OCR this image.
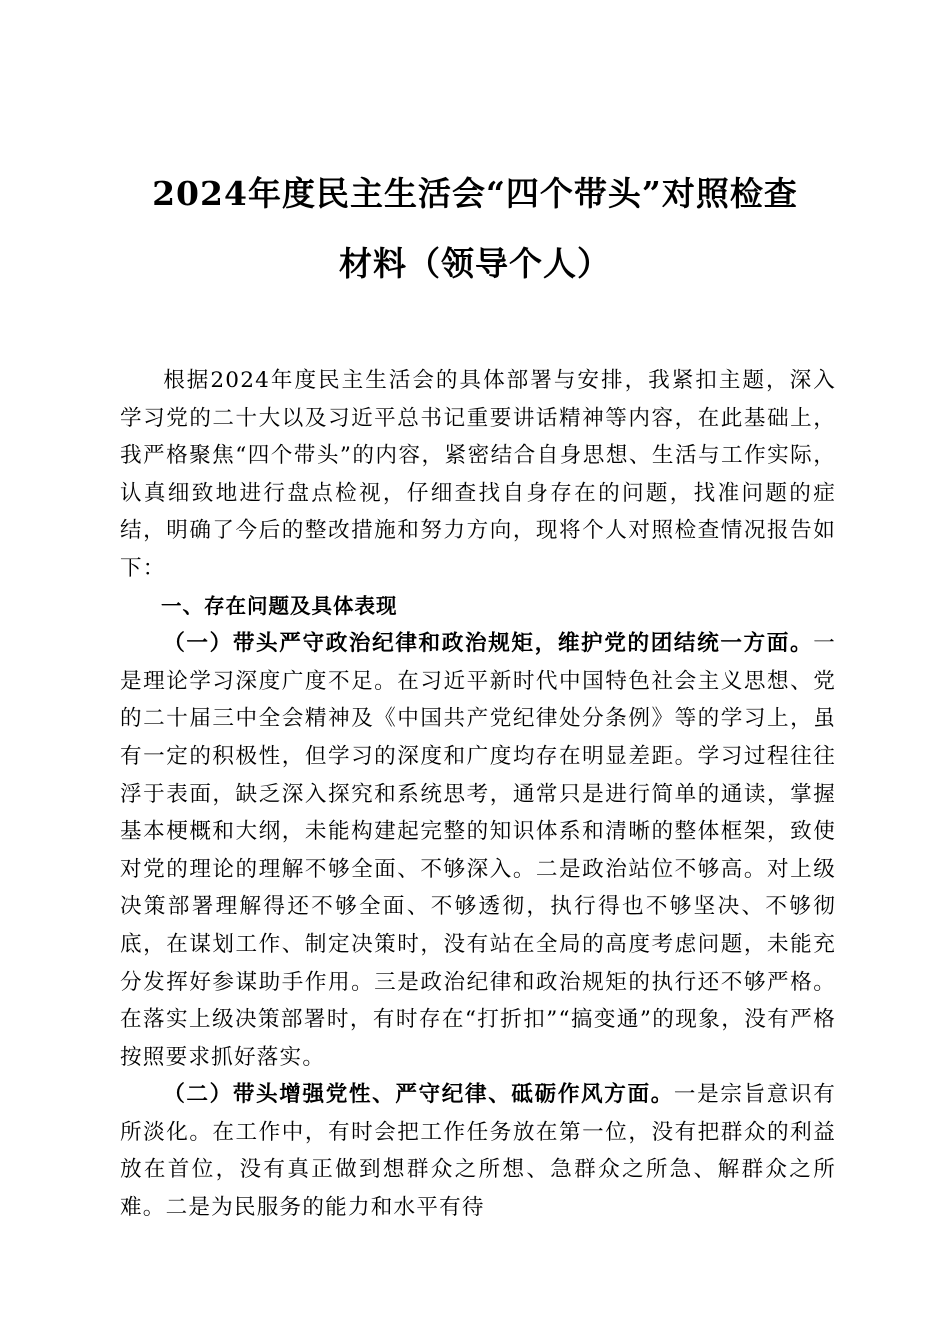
2024年度民主生活会“四个带头”对照检查
材料（领导个人）

根据2024年度民主生活会的具体部署与安排，我紧扣主题，深入学习党的二十大以及习近平总书记重要讲话精神等内容，在此基础上，我严格聚焦“四个带头”的内容，紧密结合自身思想、生活与工作实际，认真细致地进行盘点检视，仔细查找自身存在的问题，找准问题的症结，明确了今后的整改措施和努力方向，现将个人对照检查情况报告如下：

一、存在问题及具体表现

（一）带头严守政治纪律和政治规矩，维护党的团结统一方面。一是理论学习深度广度不足。在习近平新时代中国特色社会主义思想、党的二十届三中全会精神及《中国共产党纪律处分条例》等的学习上，虽有一定的积极性，但学习的深度和广度均存在明显差距。学习过程往往浮于表面，缺乏深入探究和系统思考，通常只是进行简单的通读，掌握基本梗概和大纲，未能构建起完整的知识体系和清晰的整体框架，致使对党的理论的理解不够全面、不够深入。二是政治站位不够高。对上级决策部署理解得还不够全面、不够透彻，执行得也不够坚决、不够彻底，在谋划工作、制定决策时，没有站在全局的高度考虑问题，未能充分发挥好参谋助手作用。三是政治纪律和政治规矩的执行还不够严格。在落实上级决策部署时，有时存在“打折扣”“搞变通”的现象，没有严格按照要求抓好落实。

（二）带头增强党性、严守纪律、砥砺作风方面。一是宗旨意识有所淡化。在工作中，有时会把工作任务放在第一位，没有把群众的利益放在首位，没有真正做到想群众之所想、急群众之所急、解群众之所难。二是为民服务的能力和水平有待
